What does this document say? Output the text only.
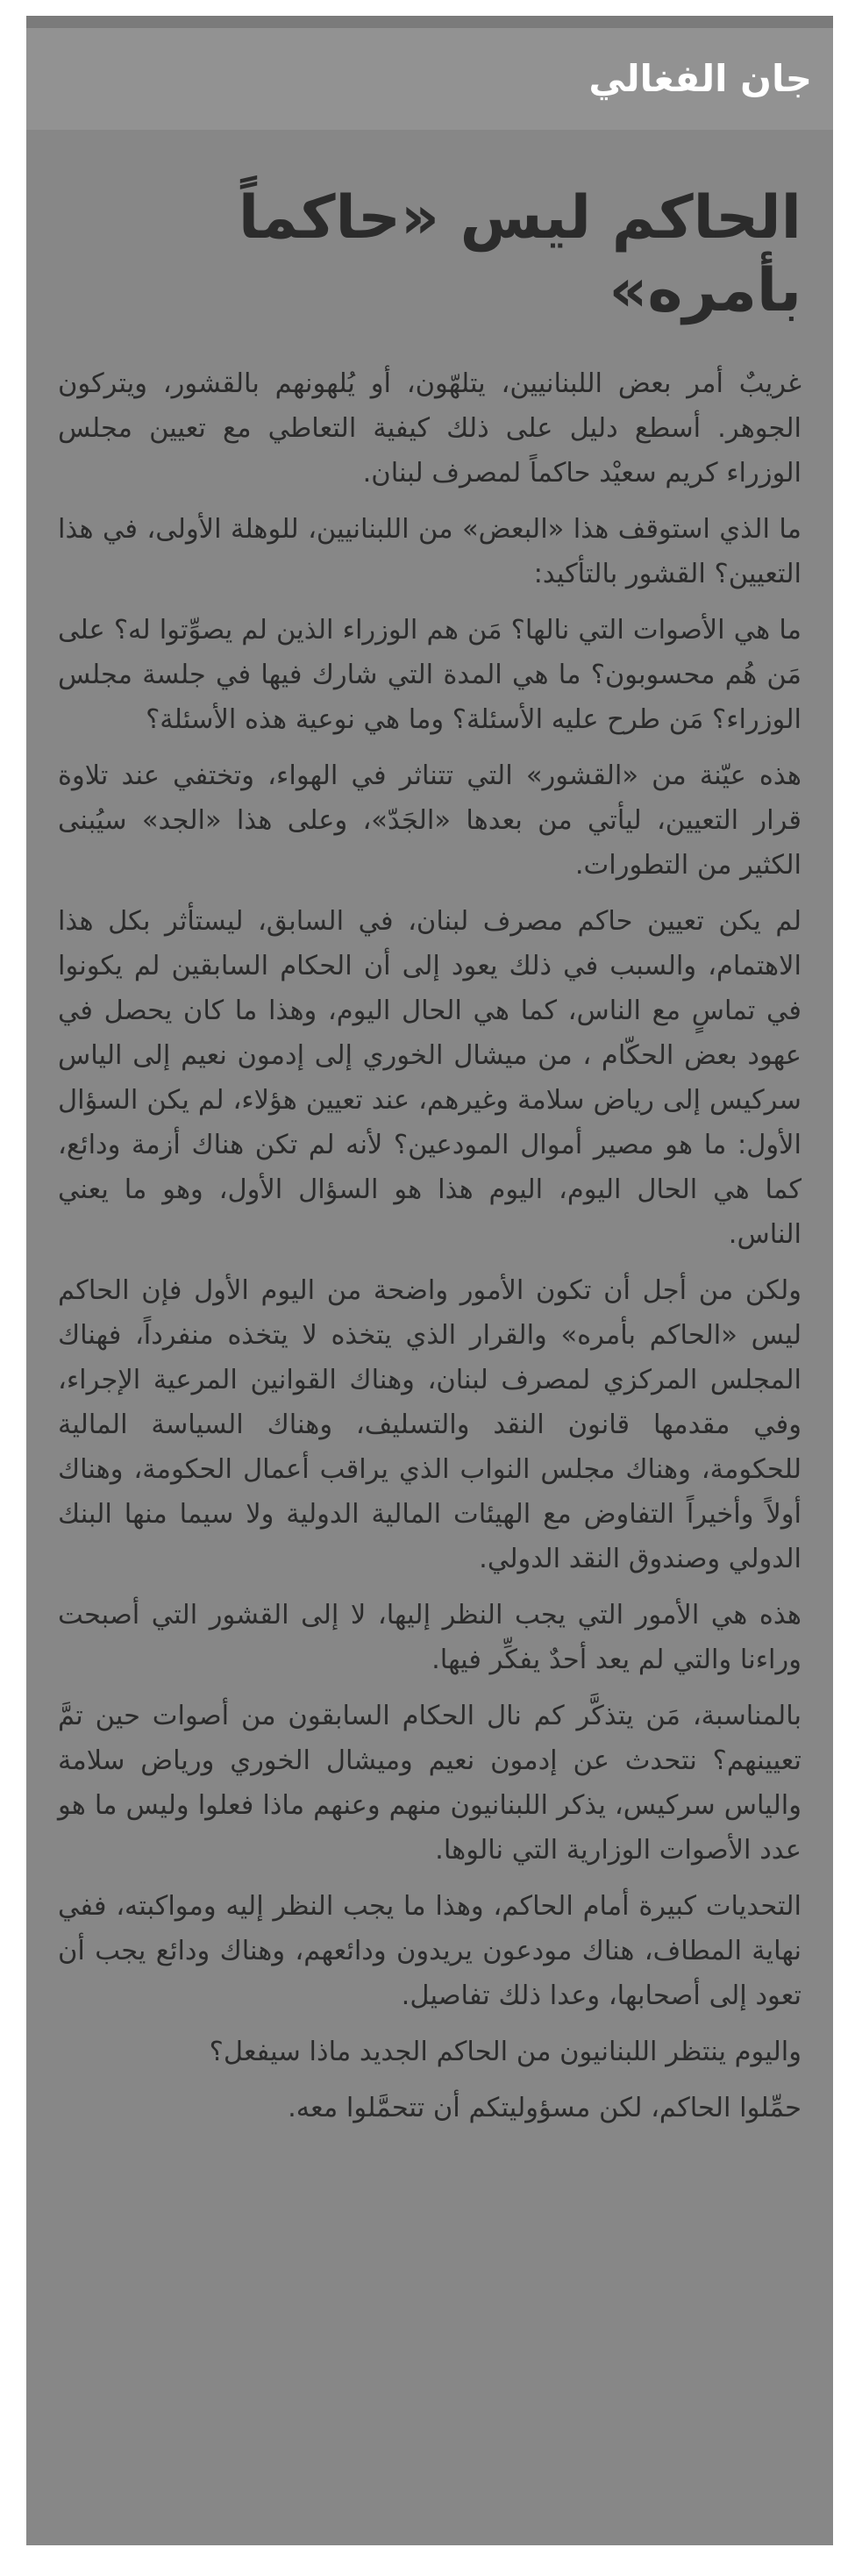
جان الفغالي
الحاكم ليس «حاكماً بأمره»

غريبٌ أمر بعض اللبنانيين، يتلهّون، أو يُلهونهم بالقشور، ويتركون الجوهر. أسطع دليل على ذلك كيفية التعاطي مع تعيين مجلس الوزراء كريم سعيْد حاكماً لمصرف لبنان.

ما الذي استوقف هذا «البعض» من اللبنانيين، للوهلة الأولى، في هذا التعيين؟ القشور بالتأكيد:

ما هي الأصوات التي نالها؟ مَن هم الوزراء الذين لم يصوِّتوا له؟ على مَن هُم محسوبون؟ ما هي المدة التي شارك فيها في جلسة مجلس الوزراء؟ مَن طرح عليه الأسئلة؟ وما هي نوعية هذه الأسئلة؟

هذه عيّنة من «القشور» التي تتناثر في الهواء، وتختفي عند تلاوة قرار التعيين، ليأتي من بعدها «الجَدّ»، وعلى هذا «الجد» سيُبنى الكثير من التطورات.

لم يكن تعيين حاكم مصرف لبنان، في السابق، ليستأثر بكل هذا الاهتمام، والسبب في ذلك يعود إلى أن الحكام السابقين لم يكونوا في تماسٍ مع الناس، كما هي الحال اليوم، وهذا ما كان يحصل في عهود بعض الحكّام ، من ميشال الخوري إلى إدمون نعيم إلى الياس سركيس إلى رياض سلامة وغيرهم، عند تعيين هؤلاء، لم يكن السؤال الأول: ما هو مصير أموال المودعين؟ لأنه لم تكن هناك أزمة ودائع، كما هي الحال اليوم، اليوم هذا هو السؤال الأول، وهو ما يعني الناس.

ولكن من أجل أن تكون الأمور واضحة من اليوم الأول فإن الحاكم ليس «الحاكم بأمره» والقرار الذي يتخذه لا يتخذه منفرداً، فهناك المجلس المركزي لمصرف لبنان، وهناك القوانين المرعية الإجراء، وفي مقدمها قانون النقد والتسليف، وهناك السياسة المالية للحكومة، وهناك مجلس النواب الذي يراقب أعمال الحكومة، وهناك أولاً وأخيراً التفاوض مع الهيئات المالية الدولية ولا سيما منها البنك الدولي وصندوق النقد الدولي.

هذه هي الأمور التي يجب النظر إليها، لا إلى القشور التي أصبحت وراءنا والتي لم يعد أحدٌ يفكِّر فيها.

بالمناسبة، مَن يتذكَّر كم نال الحكام السابقون من أصوات حين تمَّ تعيينهم؟ نتحدث عن إدمون نعيم وميشال الخوري ورياض سلامة والياس سركيس، يذكر اللبنانيون منهم وعنهم ماذا فعلوا وليس ما هو عدد الأصوات الوزارية التي نالوها.

التحديات كبيرة أمام الحاكم، وهذا ما يجب النظر إليه ومواكبته، ففي نهاية المطاف، هناك مودعون يريدون ودائعهم، وهناك ودائع يجب أن تعود إلى أصحابها، وعدا ذلك تفاصيل.

واليوم ينتظر اللبنانيون من الحاكم الجديد ماذا سيفعل؟

حمِّلوا الحاكم، لكن مسؤوليتكم أن تتحمَّلوا معه.
